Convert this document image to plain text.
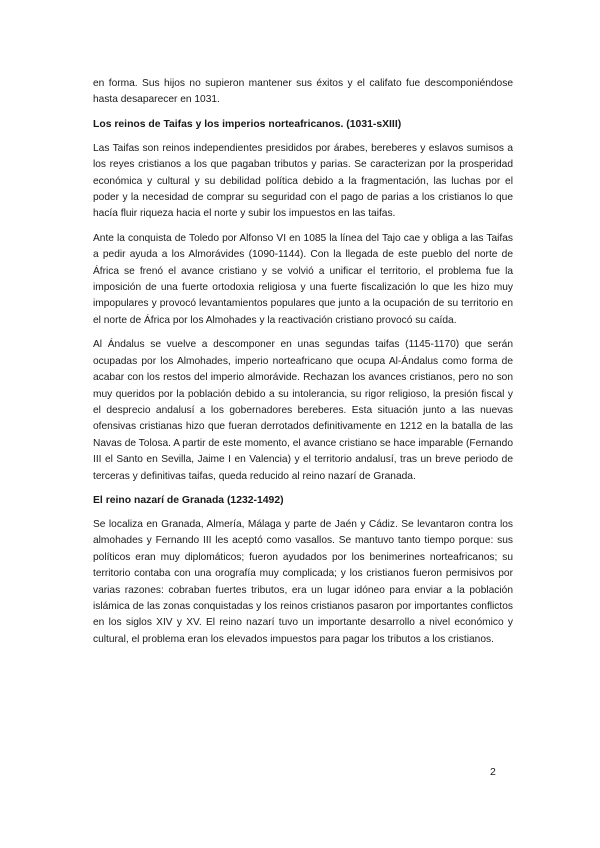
en forma. Sus hijos no supieron mantener sus éxitos y el califato fue descomponiéndose hasta desaparecer en 1031.

Los reinos de Taifas y los imperios norteafricanos. (1031-sXIII)

Las Taifas son reinos independientes presididos por árabes, bereberes y eslavos sumisos a los reyes cristianos a los que pagaban tributos y parias. Se caracterizan por la prosperidad económica y cultural y su debilidad política debido a la fragmentación, las luchas por el poder y la necesidad de comprar su seguridad con el pago de parias a los cristianos lo que hacía fluir riqueza hacia el norte y subir los impuestos en las taifas.

Ante la conquista de Toledo por Alfonso VI en 1085 la línea del Tajo cae y obliga a las Taifas a pedir ayuda a los Almorávides (1090-1144). Con la llegada de este pueblo del norte de África se frenó el avance cristiano y se volvió a unificar el territorio, el problema fue la imposición de una fuerte ortodoxia religiosa y una fuerte fiscalización lo que les hizo muy impopulares y provocó levantamientos populares que junto a la ocupación de su territorio en el norte de África por los Almohades y la reactivación cristiano provocó su caída.

Al Ándalus se vuelve a descomponer en unas segundas taifas (1145-1170) que serán ocupadas por los Almohades, imperio norteafricano que ocupa Al-Ándalus como forma de acabar con los restos del imperio almorávide. Rechazan los avances cristianos, pero no son muy queridos por la población debido a su intolerancia, su rigor religioso, la presión fiscal y el desprecio andalusí a los gobernadores bereberes. Esta situación junto a las nuevas ofensivas cristianas hizo que fueran derrotados definitivamente en 1212 en la batalla de las Navas de Tolosa. A partir de este momento, el avance cristiano se hace imparable (Fernando III el Santo en Sevilla, Jaime I en Valencia) y el territorio andalusí, tras un breve periodo de terceras y definitivas taifas, queda reducido al reino nazarí de Granada.

El reino nazarí de Granada (1232-1492)

Se localiza en Granada, Almería, Málaga y parte de Jaén y Cádiz. Se levantaron contra los almohades y Fernando III les aceptó como vasallos. Se mantuvo tanto tiempo porque: sus políticos eran muy diplomáticos; fueron ayudados por los benimerines norteafricanos; su territorio contaba con una orografía muy complicada; y los cristianos fueron permisivos por varias razones: cobraban fuertes tributos, era un lugar idóneo para enviar a la población islámica de las zonas conquistadas y los reinos cristianos pasaron por importantes conflictos en los siglos XIV y XV. El reino nazarí tuvo un importante desarrollo a nivel económico y cultural, el problema eran los elevados impuestos para pagar los tributos a los cristianos.

2
